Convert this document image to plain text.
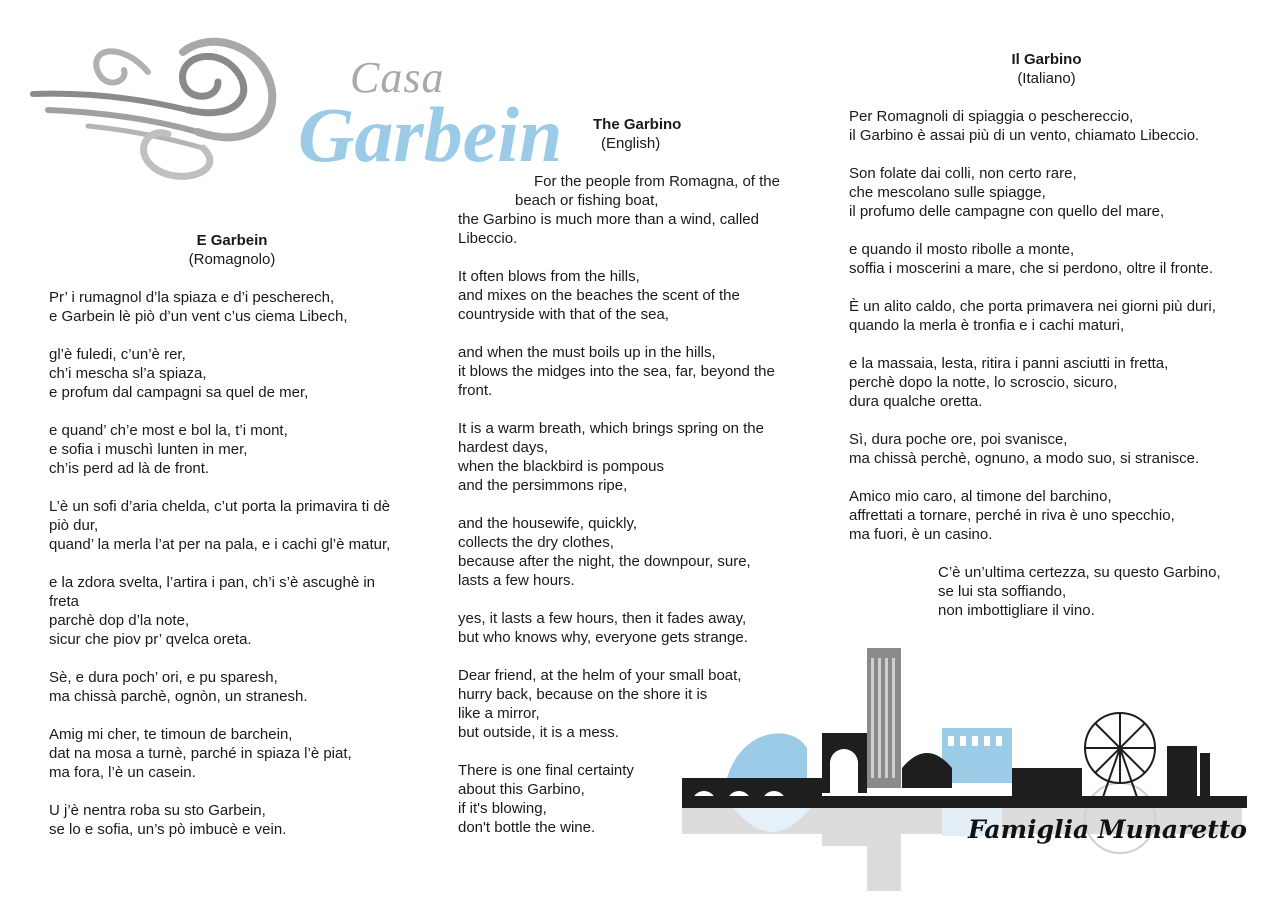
Casa
Garbein
E Garbein
(Romagnolo)

Pr’ i rumagnol d’la spiaza e d’i pescherech,
e Garbein lè piò d’un vent c’us ciema Libech,

gl’è fuledi, c’un’è rer,
ch’i mescha sl’a spiaza,
e profum dal campagni sa quel de mer,

e quand’ ch’e most e bol la, t’i mont,
e sofia i muschì lunten in mer,
ch’is perd ad là de front.

L’è un sofi d’aria chelda, c’ut porta la primavira ti dè
piò dur,
quand’ la merla l’at per na pala, e i cachi gl’è matur,

e la zdora svelta, l’artira i pan, ch’i s’è ascughè in
freta
parchè dop d’la note,
sicur che piov pr’ qvelca oreta.

Sè, e dura poch’ ori, e pu sparesh,
ma chissà parchè, ognòn, un stranesh.

Amig mi cher, te timoun de barchein,
dat na mosa a turnè, parché in spiaza l’è piat,
ma fora, l’è un casein.

U j’è nentra roba su sto Garbein,
se lo e sofia, un’s pò imbucè e vein.

The Garbino
(English)
For the people from Romagna, of the
beach or fishing boat,

the Garbino is much more than a wind, called
Libeccio.

It often blows from the hills,
and mixes on the beaches the scent of the
countryside with that of the sea,

and when the must boils up in the hills,
it blows the midges into the sea, far, beyond the
front.

It is a warm breath, which brings spring on the
hardest days,
when the blackbird is pompous
and the persimmons ripe,

and the housewife, quickly,
collects the dry clothes,
because after the night, the downpour, sure,
lasts a few hours.

yes, it lasts a few hours, then it fades away,
but who knows why, everyone gets strange.

Dear friend, at the helm of your small boat,
hurry back, because on the shore it is
like a mirror,
but outside, it is a mess.

There is one final certainty
about this Garbino,
if it's blowing,
don't bottle the wine.

Il Garbino
(Italiano)

Per Romagnoli di spiaggia o peschereccio,
il Garbino è assai più di un vento, chiamato Libeccio.

Son folate dai colli, non certo rare,
che mescolano sulle spiagge,
il profumo delle campagne con quello del mare,

e quando il mosto ribolle a monte,
soffia i moscerini a mare, che si perdono, oltre il fronte.

È un alito caldo, che porta primavera nei giorni più duri,
quando la merla è tronfia e i cachi maturi,

e la massaia, lesta, ritira i panni asciutti in fretta,
perchè dopo la notte, lo scroscio, sicuro,
dura qualche oretta.

Sì, dura poche ore, poi svanisce,
ma chissà perchè, ognuno, a modo suo, si stranisce.

Amico mio caro, al timone del barchino,
affrettati a tornare, perché in riva è uno specchio,
ma fuori, è un casino.

C’è un’ultima certezza, su questo Garbino,
se lui sta soffiando,
non imbottigliare il vino.

RIMINI
Famiglia Munaretto
